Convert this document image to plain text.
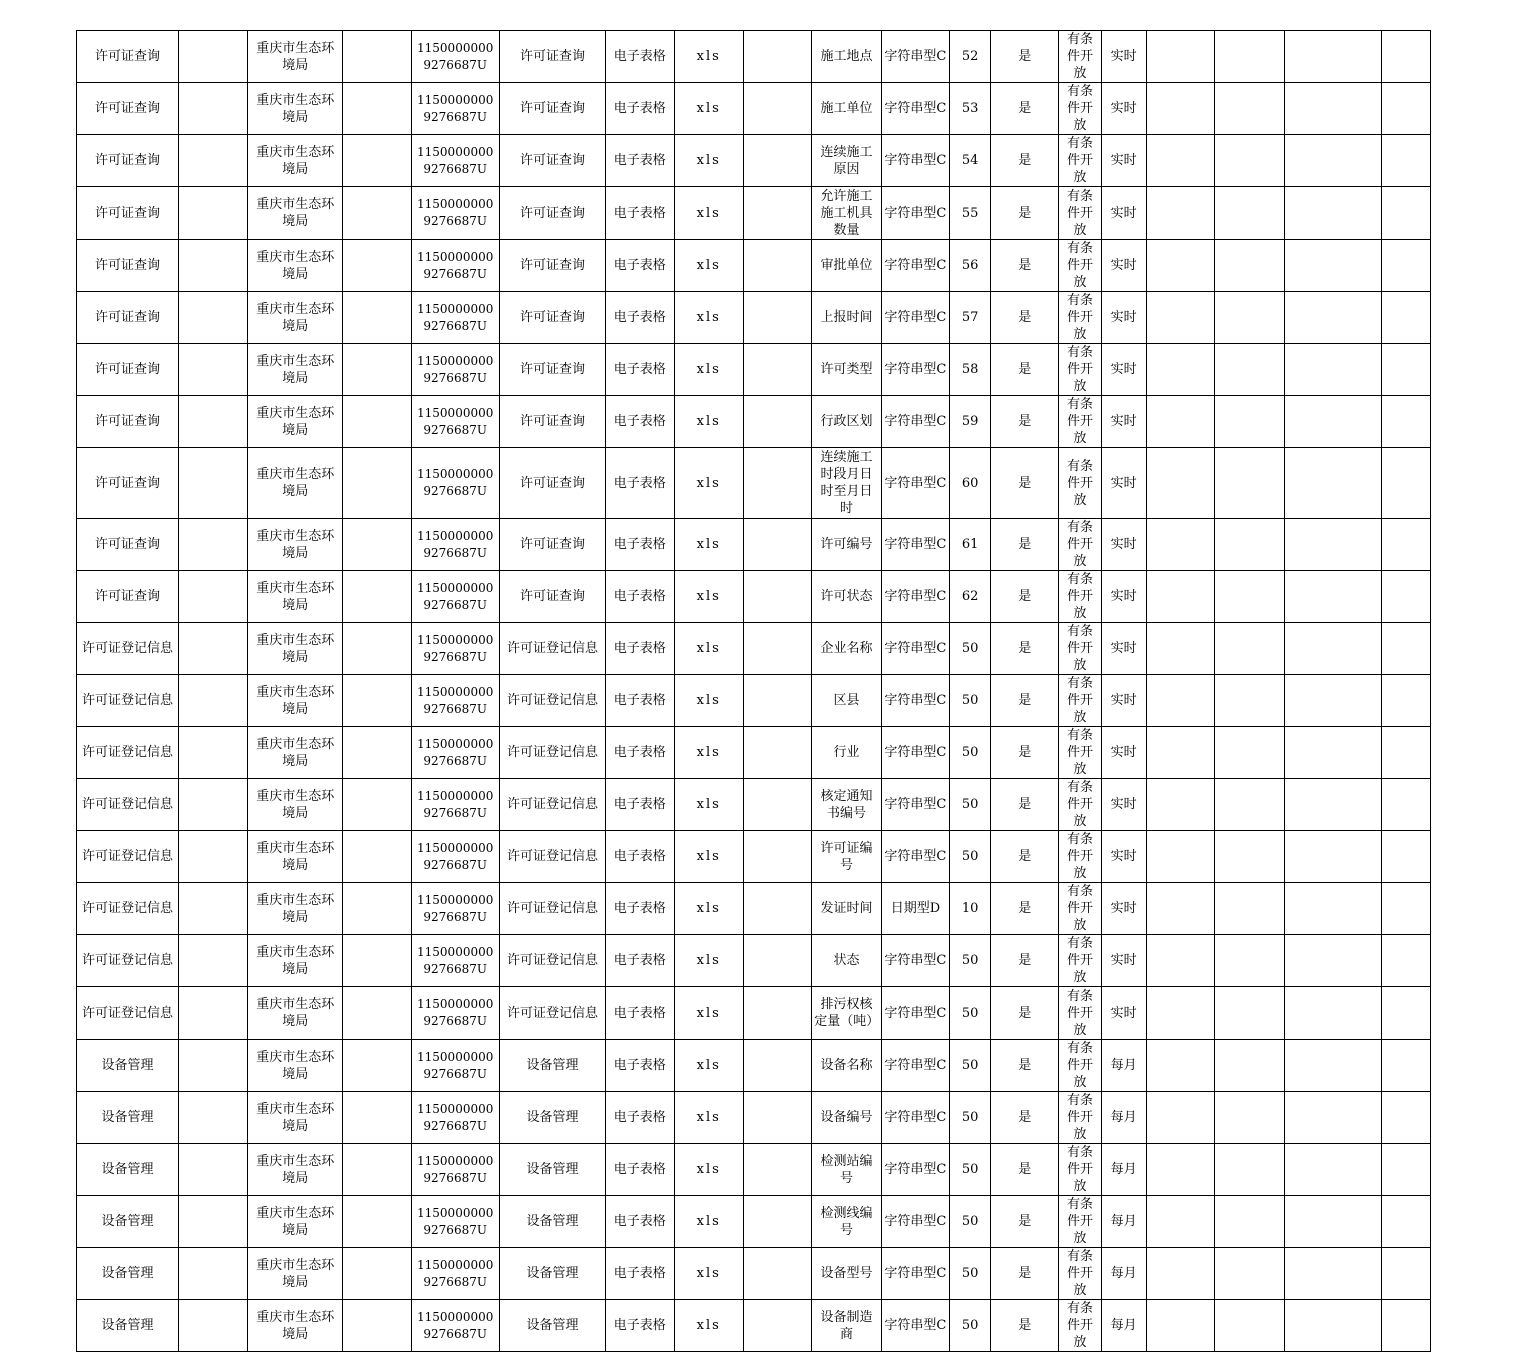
许可证查询		重庆市生态环境局		11500000009276687U	许可证查询	电子表格	xls		施工地点	字符串型C	52	是	有条件开放	实时				
许可证查询		重庆市生态环境局		11500000009276687U	许可证查询	电子表格	xls		施工单位	字符串型C	53	是	有条件开放	实时				
许可证查询		重庆市生态环境局		11500000009276687U	许可证查询	电子表格	xls		连续施工原因	字符串型C	54	是	有条件开放	实时				
许可证查询		重庆市生态环境局		11500000009276687U	许可证查询	电子表格	xls		允许施工施工机具数量	字符串型C	55	是	有条件开放	实时				
许可证查询		重庆市生态环境局		11500000009276687U	许可证查询	电子表格	xls		审批单位	字符串型C	56	是	有条件开放	实时				
许可证查询		重庆市生态环境局		11500000009276687U	许可证查询	电子表格	xls		上报时间	字符串型C	57	是	有条件开放	实时				
许可证查询		重庆市生态环境局		11500000009276687U	许可证查询	电子表格	xls		许可类型	字符串型C	58	是	有条件开放	实时				
许可证查询		重庆市生态环境局		11500000009276687U	许可证查询	电子表格	xls		行政区划	字符串型C	59	是	有条件开放	实时				
许可证查询		重庆市生态环境局		11500000009276687U	许可证查询	电子表格	xls		连续施工时段月日时至月日时	字符串型C	60	是	有条件开放	实时				
许可证查询		重庆市生态环境局		11500000009276687U	许可证查询	电子表格	xls		许可编号	字符串型C	61	是	有条件开放	实时				
许可证查询		重庆市生态环境局		11500000009276687U	许可证查询	电子表格	xls		许可状态	字符串型C	62	是	有条件开放	实时				
许可证登记信息		重庆市生态环境局		11500000009276687U	许可证登记信息	电子表格	xls		企业名称	字符串型C	50	是	有条件开放	实时				
许可证登记信息		重庆市生态环境局		11500000009276687U	许可证登记信息	电子表格	xls		区县	字符串型C	50	是	有条件开放	实时				
许可证登记信息		重庆市生态环境局		11500000009276687U	许可证登记信息	电子表格	xls		行业	字符串型C	50	是	有条件开放	实时				
许可证登记信息		重庆市生态环境局		11500000009276687U	许可证登记信息	电子表格	xls		核定通知书编号	字符串型C	50	是	有条件开放	实时				
许可证登记信息		重庆市生态环境局		11500000009276687U	许可证登记信息	电子表格	xls		许可证编号	字符串型C	50	是	有条件开放	实时				
许可证登记信息		重庆市生态环境局		11500000009276687U	许可证登记信息	电子表格	xls		发证时间	日期型D	10	是	有条件开放	实时				
许可证登记信息		重庆市生态环境局		11500000009276687U	许可证登记信息	电子表格	xls		状态	字符串型C	50	是	有条件开放	实时				
许可证登记信息		重庆市生态环境局		11500000009276687U	许可证登记信息	电子表格	xls		排污权核定量（吨）	字符串型C	50	是	有条件开放	实时				
设备管理		重庆市生态环境局		11500000009276687U	设备管理	电子表格	xls		设备名称	字符串型C	50	是	有条件开放	每月				
设备管理		重庆市生态环境局		11500000009276687U	设备管理	电子表格	xls		设备编号	字符串型C	50	是	有条件开放	每月				
设备管理		重庆市生态环境局		11500000009276687U	设备管理	电子表格	xls		检测站编号	字符串型C	50	是	有条件开放	每月				
设备管理		重庆市生态环境局		11500000009276687U	设备管理	电子表格	xls		检测线编号	字符串型C	50	是	有条件开放	每月				
设备管理		重庆市生态环境局		11500000009276687U	设备管理	电子表格	xls		设备型号	字符串型C	50	是	有条件开放	每月				
设备管理		重庆市生态环境局		11500000009276687U	设备管理	电子表格	xls		设备制造商	字符串型C	50	是	有条件开放	每月				
